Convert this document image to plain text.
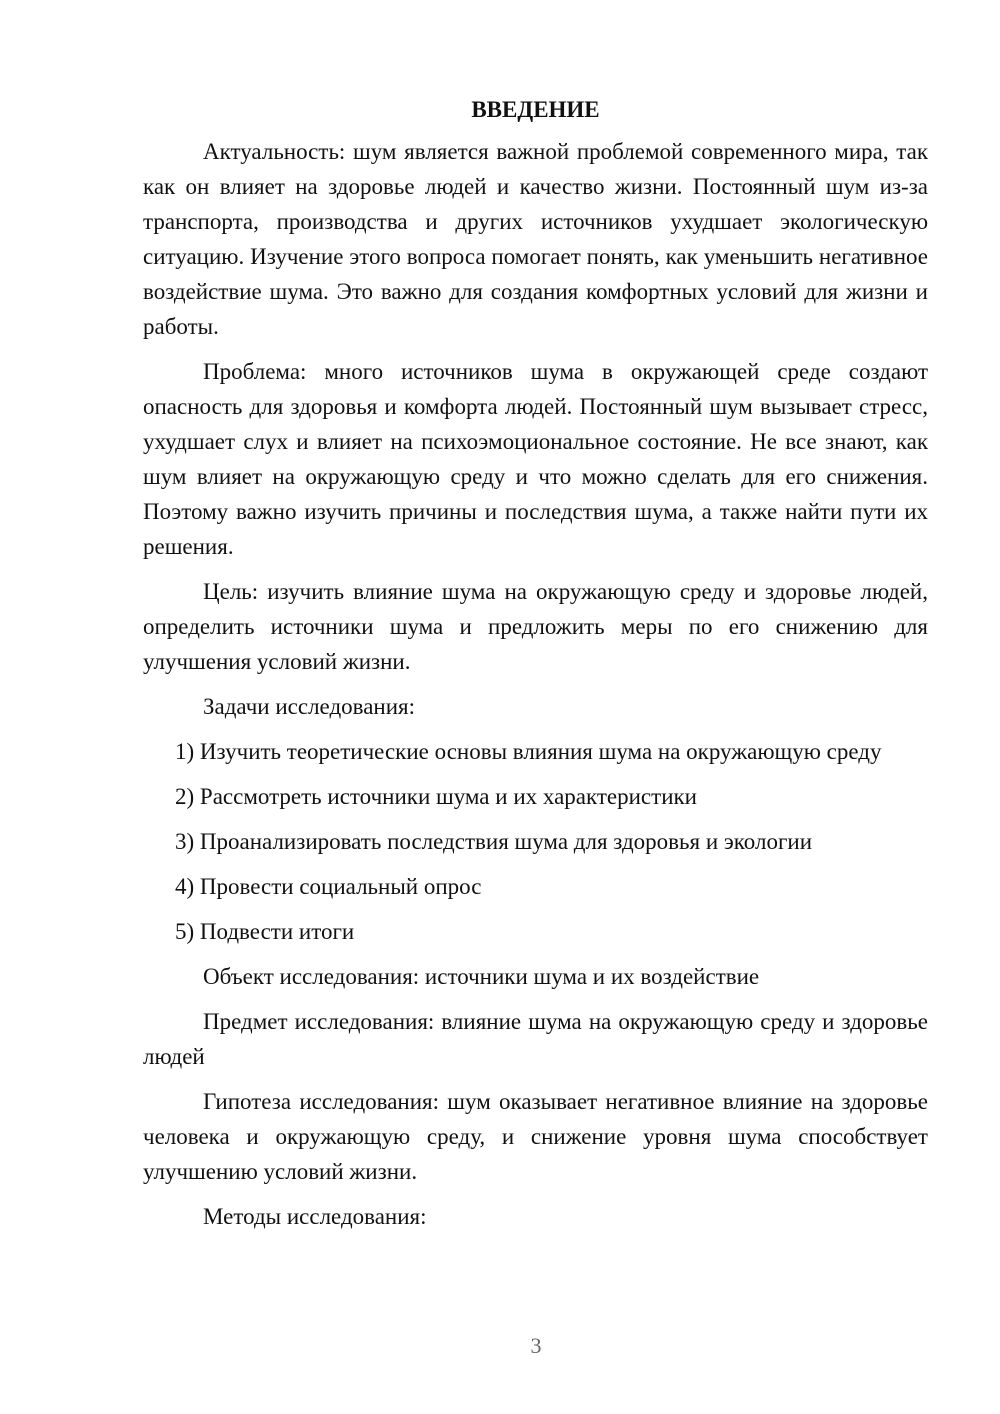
ВВЕДЕНИЕ

Актуальность: шум является важной проблемой современного мира, так как он влияет на здоровье людей и качество жизни. Постоянный шум из-за транспорта, производства и других источников ухудшает экологическую ситуацию. Изучение этого вопроса помогает понять, как уменьшить негативное воздействие шума. Это важно для создания комфортных условий для жизни и работы.

Проблема: много источников шума в окружающей среде создают опасность для здоровья и комфорта людей. Постоянный шум вызывает стресс, ухудшает слух и влияет на психоэмоциональное состояние. Не все знают, как шум влияет на окружающую среду и что можно сделать для его снижения. Поэтому важно изучить причины и последствия шума, а также найти пути их решения.

Цель: изучить влияние шума на окружающую среду и здоровье людей, определить источники шума и предложить меры по его снижению для улучшения условий жизни.

Задачи исследования:

1) Изучить теоретические основы влияния шума на окружающую среду

2) Рассмотреть источники шума и их характеристики

3) Проанализировать последствия шума для здоровья и экологии

4) Провести социальный опрос

5) Подвести итоги

Объект исследования: источники шума и их воздействие

Предмет исследования: влияние шума на окружающую среду и здоровье людей

Гипотеза исследования: шум оказывает негативное влияние на здоровье человека и окружающую среду, и снижение уровня шума способствует улучшению условий жизни.

Методы исследования:

3
